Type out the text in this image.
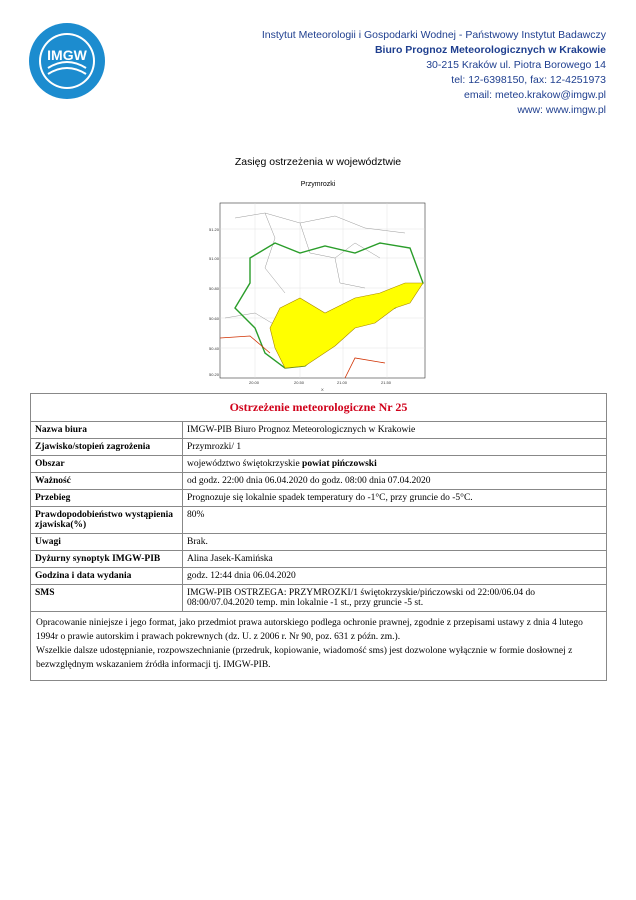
IMGW
Instytut Meteorologii i Gospodarki Wodnej - Państwowy Instytut Badawczy
Biuro Prognoz Meteorologicznych w Krakowie
30-215 Kraków ul. Piotra Borowego 14
tel: 12-6398150, fax: 12-4251973
email: meteo.krakow@imgw.pl
www: www.imgw.pl
Zasięg ostrzeżenia w województwie
Przymrozki
51.20
51.00
50.80
50.60
50.40
50.20
20.00	20.50	21.00	21.50
X
Ostrzeżenie meteorologiczne Nr 25	
Nazwa biura	IMGW-PIB Biuro Prognoz Meteorologicznych w Krakowie
Zjawisko/stopień zagrożenia	Przymrozki/ 1
Obszar	województwo świętokrzyskie powiat pińczowski
Ważność	od godz. 22:00 dnia 06.04.2020 do godz. 08:00 dnia 07.04.2020
Przebieg	Prognozuje się lokalnie spadek temperatury do -1°C, przy gruncie do -5°C.
Prawdopodobieństwo wystąpienia zjawiska(%)	80%
Uwagi	Brak.
Dyżurny synoptyk IMGW-PIB	Alina Jasek-Kamińska
Godzina i data wydania	godz. 12:44 dnia 06.04.2020
SMS	IMGW-PIB OSTRZEGA: PRZYMROZKI/1 świętokrzyskie/pińczowski od 22:00/06.04 do 08:00/07.04.2020 temp. min lokalnie -1 st., przy gruncie -5 st.

Opracowanie niniejsze i jego format, jako przedmiot prawa autorskiego podlega ochronie prawnej, zgodnie z przepisami ustawy z dnia 4 lutego 1994r o prawie autorskim i prawach pokrewnych (dz. U. z 2006 r. Nr 90, poz. 631 z późn. zm.).
Wszelkie dalsze udostępnianie, rozpowszechnianie (przedruk, kopiowanie, wiadomość sms) jest dozwolone wyłącznie w formie dosłownej z bezwzględnym wskazaniem źródła informacji tj. IMGW-PIB.	
